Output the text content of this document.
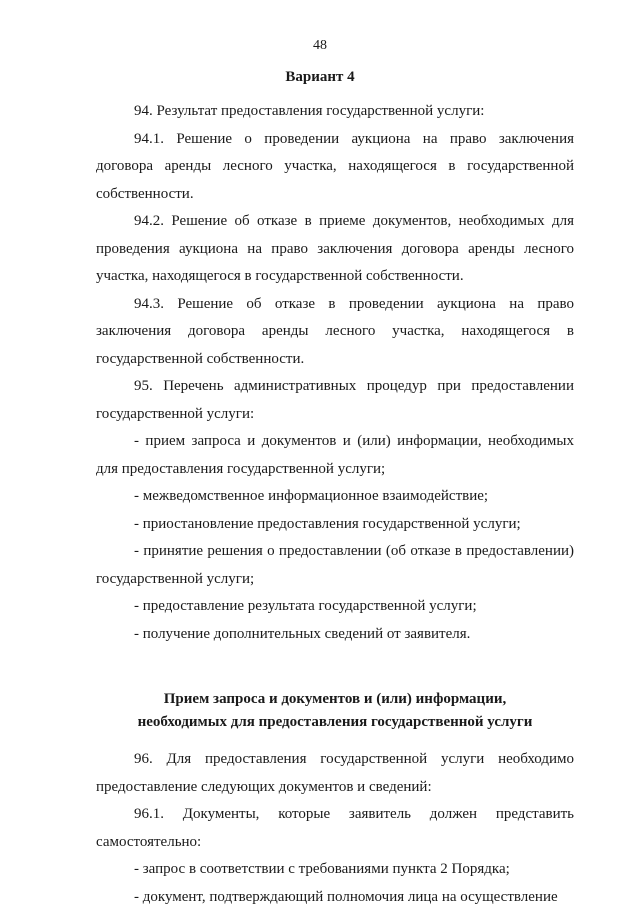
48
Вариант 4

94. Результат предоставления государственной услуги:

94.1. Решение о проведении аукциона на право заключения договора аренды лесного участка, находящегося в государственной собственности.

94.2. Решение об отказе в приеме документов, необходимых для проведения аукциона на право заключения договора аренды лесного участка, находящегося в государственной собственности.

94.3. Решение об отказе в проведении аукциона на право заключения договора аренды лесного участка, находящегося в государственной собственности.

95. Перечень административных процедур при предоставлении государственной услуги:

- прием запроса и документов и (или) информации, необходимых для предоставления государственной услуги;

- межведомственное информационное взаимодействие;

- приостановление предоставления государственной услуги;

- принятие решения о предоставлении (об отказе в предоставлении) государственной услуги;

- предоставление результата государственной услуги;

- получение дополнительных сведений от заявителя.

Прием запроса и документов и (или) информации,
необходимых для предоставления государственной услуги

96. Для предоставления государственной услуги необходимо предоставление следующих документов и сведений:

96.1. Документы, которые заявитель должен представить самостоятельно:

- запрос в соответствии с требованиями пункта 2 Порядка;

- документ, подтверждающий полномочия лица на осуществление
